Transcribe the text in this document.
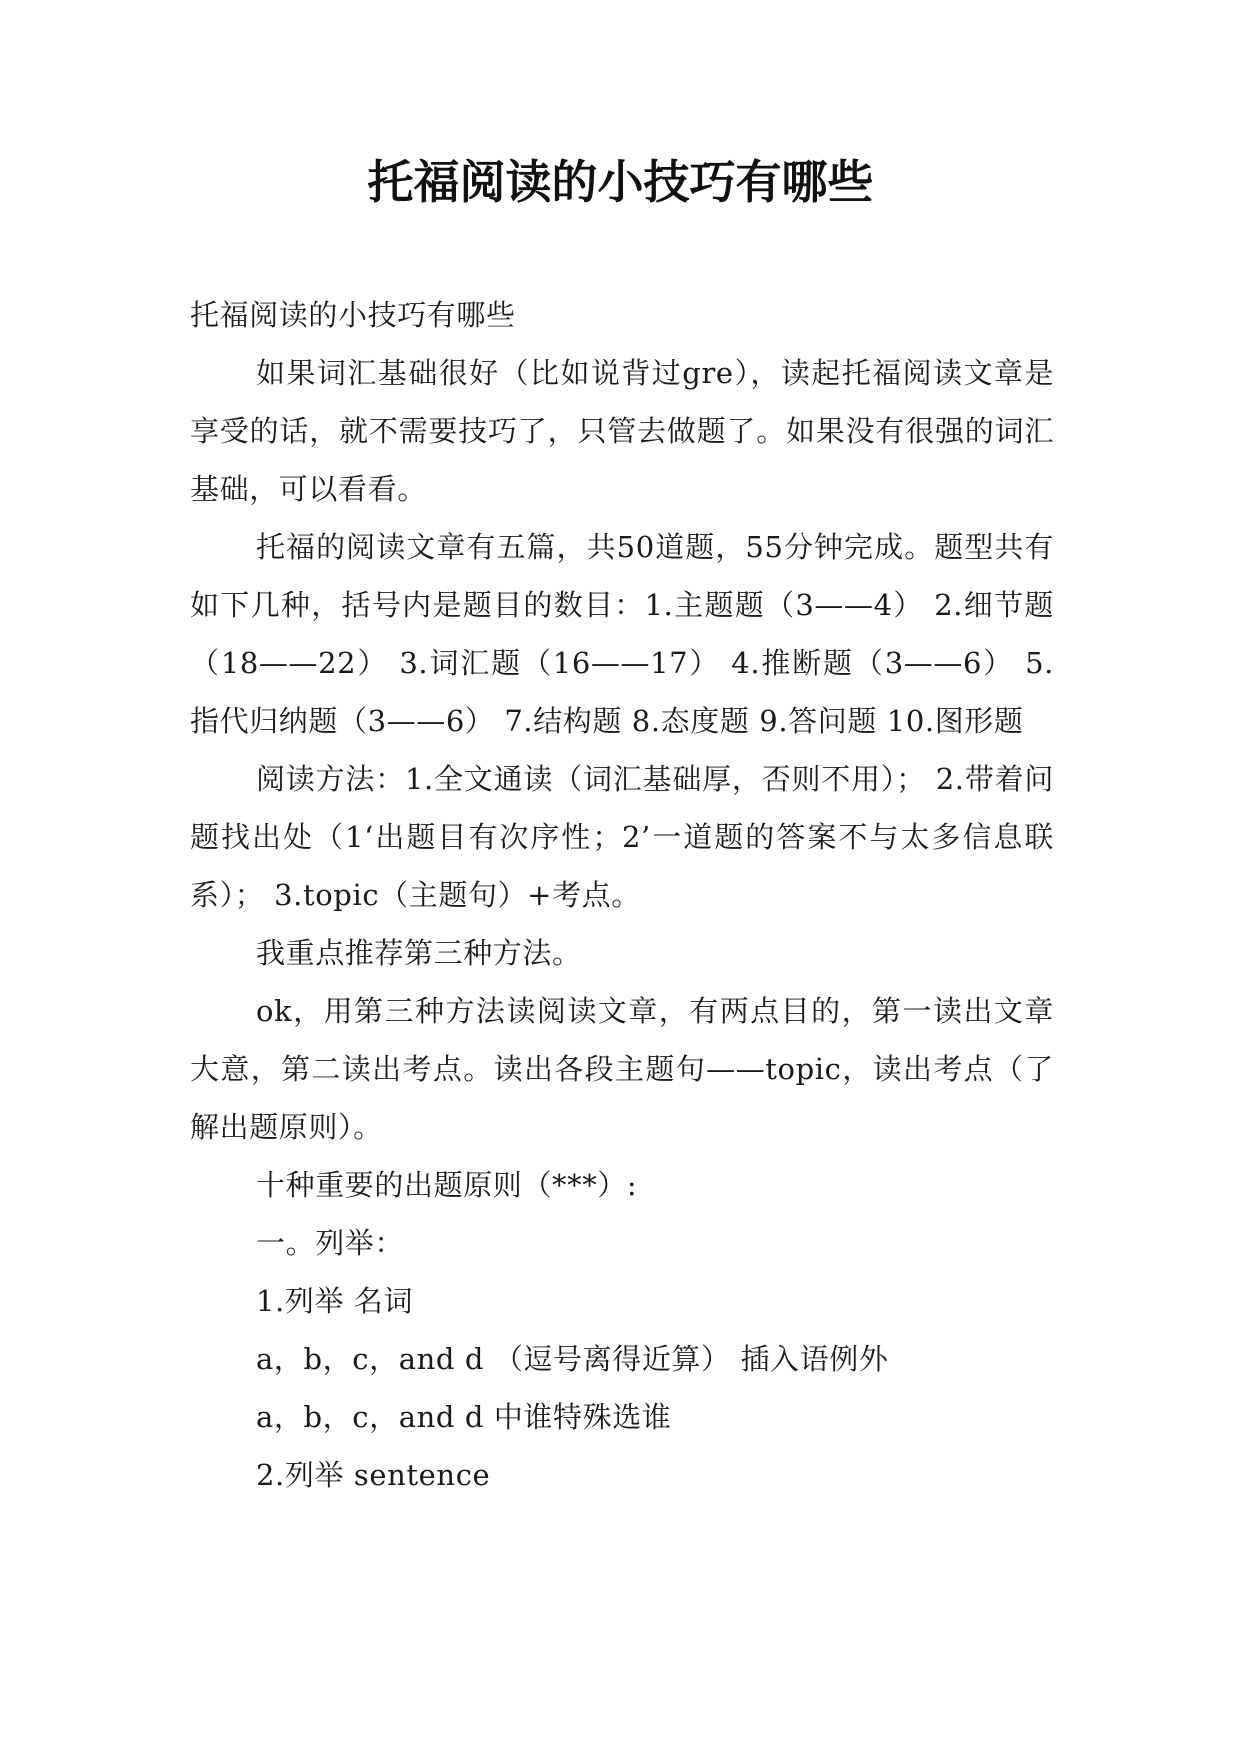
托福阅读的小技巧有哪些

托福阅读的小技巧有哪些

如果词汇基础很好（比如说背过gre），读起托福阅读文章是享受的话，就不需要技巧了，只管去做题了。如果没有很强的词汇基础，可以看看。

托福的阅读文章有五篇，共50道题，55分钟完成。题型共有如下几种，括号内是题目的数目：1.主题题（3——4） 2.细节题（18——22） 3.词汇题（16——17） 4.推断题（3——6） 5.指代归纳题（3——6） 7.结构题 8.态度题 9.答问题 10.图形题

阅读方法：1.全文通读（词汇基础厚，否则不用）； 2.带着问题找出处（1‘出题目有次序性；2’一道题的答案不与太多信息联系）； 3.topic（主题句）+考点。

我重点推荐第三种方法。

ok，用第三种方法读阅读文章，有两点目的，第一读出文章大意，第二读出考点。读出各段主题句——topic，读出考点（了解出题原则）。

十种重要的出题原则（***）:

一。列举：

1.列举 名词

a，b，c，and d （逗号离得近算） 插入语例外

a，b，c，and d 中谁特殊选谁

2.列举 sentence
